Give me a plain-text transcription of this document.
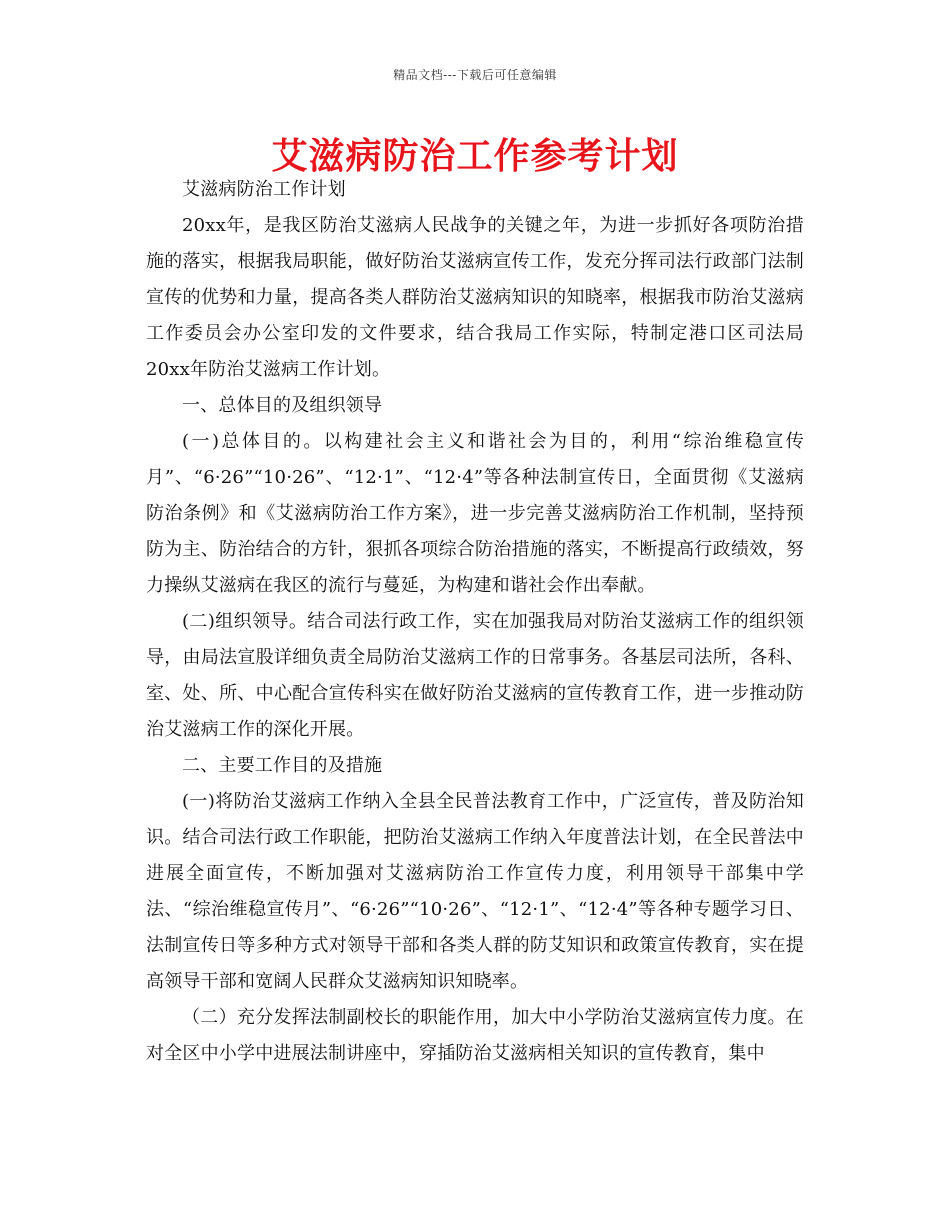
精品文档---下载后可任意编辑
艾滋病防治工作参考计划

艾滋病防治工作计划

20xx年，是我区防治艾滋病人民战争的关键之年，为进一步抓好各项防治措施的落实，根据我局职能，做好防治艾滋病宣传工作，发充分挥司法行政部门法制宣传的优势和力量，提高各类人群防治艾滋病知识的知晓率，根据我市防治艾滋病工作委员会办公室印发的文件要求，结合我局工作实际，特制定港口区司法局20xx年防治艾滋病工作计划。

一、总体目的及组织领导

(一)总体目的。以构建社会主义和谐社会为目的，利用“综治维稳宣传月”、“6·26”“10·26”、“12·1”、“12·4”等各种法制宣传日，全面贯彻《艾滋病防治条例》和《艾滋病防治工作方案》，进一步完善艾滋病防治工作机制，坚持预防为主、防治结合的方针，狠抓各项综合防治措施的落实，不断提高行政绩效，努力操纵艾滋病在我区的流行与蔓延，为构建和谐社会作出奉献。

(二)组织领导。结合司法行政工作，实在加强我局对防治艾滋病工作的组织领导，由局法宣股详细负责全局防治艾滋病工作的日常事务。各基层司法所，各科、室、处、所、中心配合宣传科实在做好防治艾滋病的宣传教育工作，进一步推动防治艾滋病工作的深化开展。

二、主要工作目的及措施

(一)将防治艾滋病工作纳入全县全民普法教育工作中，广泛宣传，普及防治知识。结合司法行政工作职能，把防治艾滋病工作纳入年度普法计划，在全民普法中进展全面宣传，不断加强对艾滋病防治工作宣传力度，利用领导干部集中学法、“综治维稳宣传月”、“6·26”“10·26”、“12·1”、“12·4”等各种专题学习日、法制宣传日等多种方式对领导干部和各类人群的防艾知识和政策宣传教育，实在提高领导干部和宽阔人民群众艾滋病知识知晓率。

（二）充分发挥法制副校长的职能作用，加大中小学防治艾滋病宣传力度。在对全区中小学中进展法制讲座中，穿插防治艾滋病相关知识的宣传教育，集中
